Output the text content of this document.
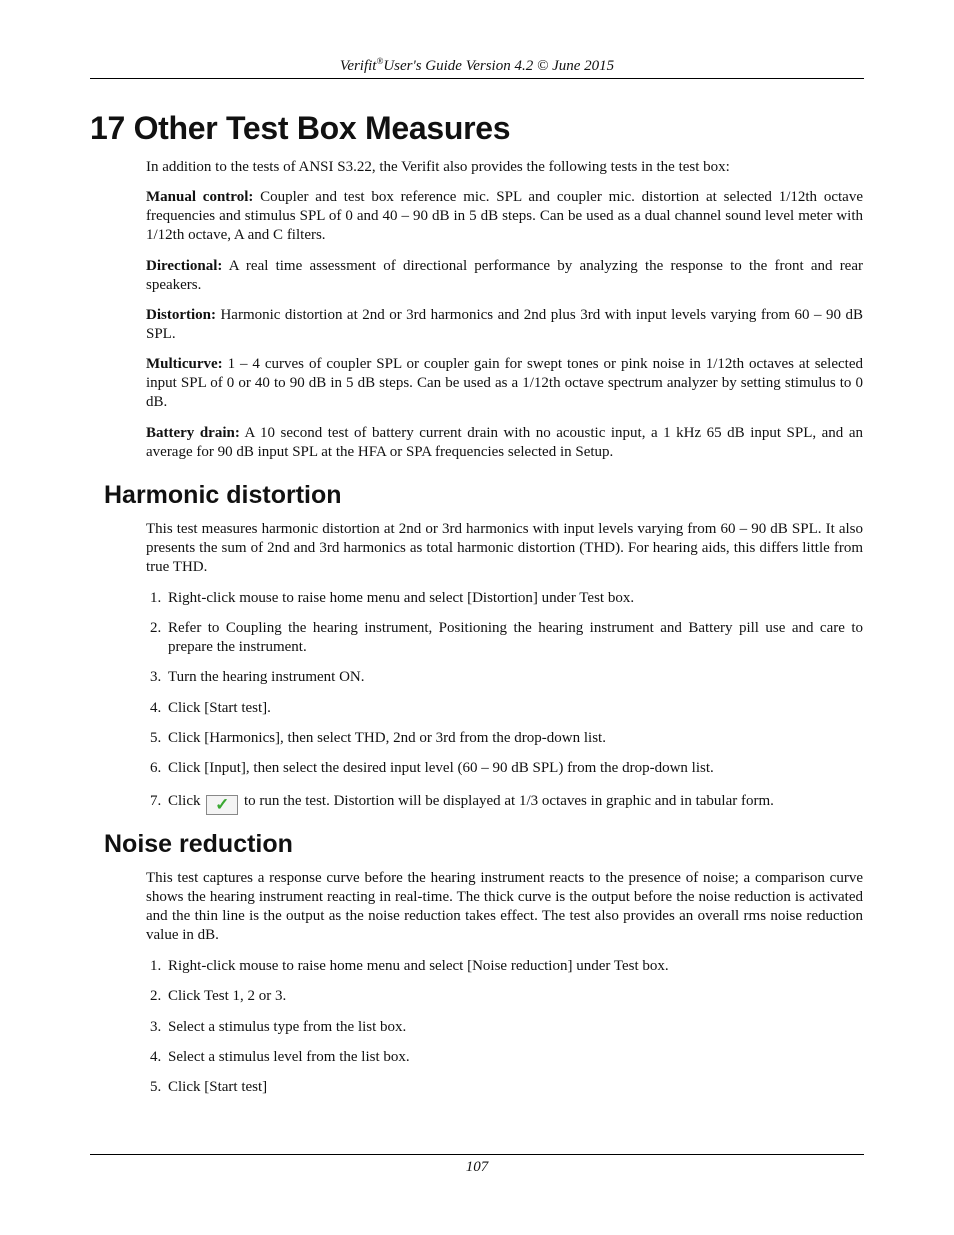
Verifit®User's Guide Version 4.2 © June 2015
17 Other Test Box Measures

In addition to the tests of ANSI S3.22, the Verifit also provides the following tests in the test box:

Manual control: Coupler and test box reference mic. SPL and coupler mic. distortion at selected 1/12th octave frequencies and stimulus SPL of 0 and 40 – 90 dB in 5 dB steps. Can be used as a dual channel sound level meter with 1/12th octave, A and C filters.

Directional: A real time assessment of directional performance by analyzing the response to the front and rear speakers.

Distortion: Harmonic distortion at 2nd or 3rd harmonics and 2nd plus 3rd with input levels varying from 60 – 90 dB SPL.

Multicurve: 1 – 4 curves of coupler SPL or coupler gain for swept tones or pink noise in 1/12th octaves at selected input SPL of 0 or 40 to 90 dB in 5 dB steps. Can be used as a 1/12th octave spectrum analyzer by setting stimulus to 0 dB.

Battery drain: A 10 second test of battery current drain with no acoustic input, a 1 kHz 65 dB input SPL, and an average for 90 dB input SPL at the HFA or SPA frequencies selected in Setup.

Harmonic distortion

This test measures harmonic distortion at 2nd or 3rd harmonics with input levels varying from 60 – 90 dB SPL. It also presents the sum of 2nd and 3rd harmonics as total harmonic distortion (THD). For hearing aids, this differs little from true THD.

1. Right-click mouse to raise home menu and select [Distortion] under Test box.
2. Refer to Coupling the hearing instrument, Positioning the hearing instrument and Battery pill use and care to prepare the instrument.
3. Turn the hearing instrument ON.
4. Click [Start test].
5. Click [Harmonics], then select THD, 2nd or 3rd from the drop-down list.
6. Click [Input], then select the desired input level (60 – 90 dB SPL) from the drop-down list.
7. Click ✓ to run the test. Distortion will be displayed at 1/3 octaves in graphic and in tabular form.
Noise reduction

This test captures a response curve before the hearing instrument reacts to the presence of noise; a comparison curve shows the hearing instrument reacting in real-time. The thick curve is the output before the noise reduction is activated and the thin line is the output as the noise reduction takes effect. The test also provides an overall rms noise reduction value in dB.

1. Right-click mouse to raise home menu and select [Noise reduction] under Test box.
2. Click Test 1, 2 or 3.
3. Select a stimulus type from the list box.
4. Select a stimulus level from the list box.
5. Click [Start test]
107
